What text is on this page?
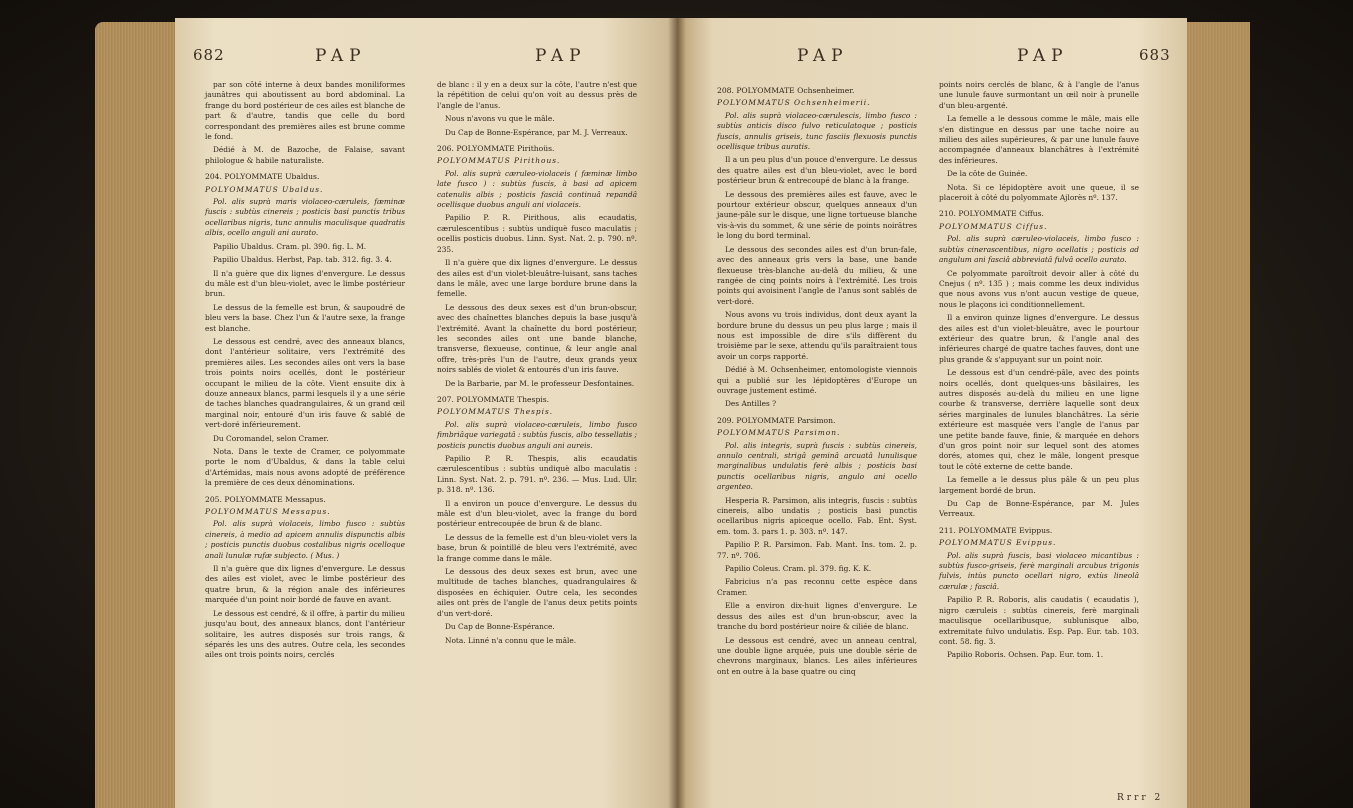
682	PAP	PAP

par son côté interne à deux bandes moniliformes jaunâtres qui aboutissent au bord abdominal. La frange du bord postérieur de ces ailes est blanche de part & d'autre, tandis que celle du bord correspondant des premières ailes est brune comme le fond.

Dédié à M. de Bazoche, de Falaise, savant philologue & habile naturaliste.

204. POLYOMMATE Ubaldus.

POLYOMMATUS Ubaldus.

Pol. alis suprà maris violaceo-cæruleis, fæminæ fuscis : subtùs cinereis ; posticis basi punctis tribus ocellaribus nigris, tunc annulis maculisque quadratis albis, ocello anguli ani aurato.

Papilio Ubaldus. Cram. pl. 390. fig. L. M.

Papilio Ubaldus. Herbst, Pap. tab. 312. fig. 3. 4.

Il n'a guère que dix lignes d'envergure. Le dessus du mâle est d'un bleu-violet, avec le limbe postérieur brun.

Le dessus de la femelle est brun, & saupoudré de bleu vers la base. Chez l'un & l'autre sexe, la frange est blanche.

Le dessous est cendré, avec des anneaux blancs, dont l'antérieur solitaire, vers l'extrémité des premières ailes. Les secondes ailes ont vers la base trois points noirs ocellés, dont le postérieur occupant le milieu de la côte. Vient ensuite dix à douze anneaux blancs, parmi lesquels il y a une série de taches blanches quadrangulaires, & un grand œil marginal noir, entouré d'un iris fauve & sablé de vert-doré inférieurement.

Du Coromandel, selon Cramer.

Nota. Dans le texte de Cramer, ce polyommate porte le nom d'Ubaldus, & dans la table celui d'Artémidas, mais nous avons adopté de préférence la première de ces deux dénominations.

205. POLYOMMATE Messapus.

POLYOMMATUS Messapus.

Pol. alis suprà violaceis, limbo fusco : subtùs cinereis, à medio ad apicem annulis dispunctis albis ; posticis punctis duobus costalibus nigris ocelloque anali lunulæ rufæ subjecto. ( Mus. )

Il n'a guère que dix lignes d'envergure. Le dessus des ailes est violet, avec le limbe postérieur des quatre brun, & la région anale des inférieures marquée d'un point noir bordé de fauve en avant.

Le dessous est cendré, & il offre, à partir du milieu jusqu'au bout, des anneaux blancs, dont l'antérieur solitaire, les autres disposés sur trois rangs, & séparés les uns des autres. Outre cela, les secondes ailes ont trois points noirs, cerclés

de blanc : il y en a deux sur la côte, l'autre n'est que la répétition de celui qu'on voit au dessus près de l'angle de l'anus.

Nous n'avons vu que le mâle.

Du Cap de Bonne-Espérance, par M. J. Verreaux.

206. POLYOMMATE Pirithoüs.

POLYOMMATUS Pirithous.

Pol. alis suprà cæruleo-violaceis ( fæminæ limbo late fusco ) : subtùs fuscis, à basi ad apicem catenulis albis ; posticis fasciâ continuâ repandâ ocellisque duobus anguli ani violaceis.

Papilio P. R. Pirithous, alis ecaudatis, cærulescentibus : subtùs undiquè fusco maculatis ; ocellis posticis duobus. Linn. Syst. Nat. 2. p. 790. nº. 235.

Il n'a guère que dix lignes d'envergure. Le dessus des ailes est d'un violet-bleuâtre-luisant, sans taches dans le mâle, avec une large bordure brune dans la femelle.

Le dessous des deux sexes est d'un brun-obscur, avec des chaînettes blanches depuis la base jusqu'à l'extrémité. Avant la chaînette du bord postérieur, les secondes ailes ont une bande blanche, transverse, flexueuse, continue, & leur angle anal offre, très-près l'un de l'autre, deux grands yeux noirs sablés de violet & entourés d'un iris fauve.

De la Barbarie, par M. le professeur Desfontaines.

207. POLYOMMATE Thespis.

POLYOMMATUS Thespis.

Pol. alis suprà violaceo-cæruleis, limbo fusco fimbriâque variegatâ : subtùs fuscis, albo tessellatis ; posticis punctis duobus anguli ani aureis.

Papilio P. R. Thespis, alis ecaudatis cærulescentibus : subtùs undiquè albo maculatis : Linn. Syst. Nat. 2. p. 791. nº. 236. — Mus. Lud. Ulr. p. 318. nº. 136.

Il a environ un pouce d'envergure. Le dessus du mâle est d'un bleu-violet, avec la frange du bord postérieur entrecoupée de brun & de blanc.

Le dessus de la femelle est d'un bleu-violet vers la base, brun & pointillé de bleu vers l'extrémité, avec la frange comme dans le mâle.

Le dessous des deux sexes est brun, avec une multitude de taches blanches, quadrangulaires & disposées en échiquier. Outre cela, les secondes ailes ont près de l'angle de l'anus deux petits points d'un vert-doré.

Du Cap de Bonne-Espérance.

Nota. Linné n'a connu que le mâle.

PAP	PAP	683

208. POLYOMMATE Ochsenheimer.

POLYOMMATUS Ochsenheimerii.

Pol. alis suprà violaceo-cærulescis, limbo fusco : subtùs anticis disco fulvo reticulatoque ; posticis fuscis, annulis griseis, tunc fasciis flexuosis punctis ocellisque tribus auratis.

Il a un peu plus d'un pouce d'envergure. Le dessus des quatre ailes est d'un bleu-violet, avec le bord postérieur brun & entrecoupé de blanc à la frange.

Le dessous des premières ailes est fauve, avec le pourtour extérieur obscur, quelques anneaux d'un jaune-pâle sur le disque, une ligne tortueuse blanche vis-à-vis du sommet, & une série de points noirâtres le long du bord terminal.

Le dessous des secondes ailes est d'un brun-fale, avec des anneaux gris vers la base, une bande flexueuse très-blanche au-delà du milieu, & une rangée de cinq points noirs à l'extrémité. Les trois points qui avoisinent l'angle de l'anus sont sablés de vert-doré.

Nous avons vu trois individus, dont deux ayant la bordure brune du dessus un peu plus large ; mais il nous est impossible de dire s'ils diffèrent du troisième par le sexe, attendu qu'ils paraîtraient tous avoir un corps rapporté.

Dédié à M. Ochsenheimer, entomologiste viennois qui a publié sur les lépidoptères d'Europe un ouvrage justement estimé.

Des Antilles ?

209. POLYOMMATE Parsimon.

POLYOMMATUS Parsimon.

Pol. alis integris, suprà fuscis : subtùs cinereis, annulo centrali, strigâ geminâ arcuatâ lunulisque marginalibus undulatis ferè albis ; posticis basi punctis ocellaribus nigris, angulo ani ocello argenteo.

Hesperia R. Parsimon, alis integris, fuscis : subtùs cinereis, albo undatis ; posticis basi punctis ocellaribus nigris apiceque ocello. Fab. Ent. Syst. em. tom. 3. pars 1. p. 303. nº. 147.

Papilio P. R. Parsimon. Fab. Mant. Ins. tom. 2. p. 77. nº. 706.

Papilio Coleus. Cram. pl. 379. fig. K. K.

Fabricius n'a pas reconnu cette espèce dans Cramer.

Elle a environ dix-huit lignes d'envergure. Le dessus des ailes est d'un brun-obscur, avec la tranche du bord postérieur noire & ciliée de blanc.

Le dessous est cendré, avec un anneau central, une double ligne arquée, puis une double série de chevrons marginaux, blancs. Les ailes inférieures ont en outre à la base quatre ou cinq

points noirs cerclés de blanc, & à l'angle de l'anus une lunule fauve surmontant un œil noir à prunelle d'un bleu-argenté.

La femelle a le dessous comme le mâle, mais elle s'en distingue en dessus par une tache noire au milieu des ailes supérieures, & par une lunule fauve accompagnée d'anneaux blanchâtres à l'extrémité des inférieures.

De la côte de Guinée.

Nota. Si ce lépidoptère avoit une queue, il se placeroit à côté du polyommate Ajlorès nº. 137.

210. POLYOMMATE Ciffus.

POLYOMMATUS Ciffus.

Pol. alis suprà cæruleo-violaceis, limbo fusco : subtùs cinerascentibus, nigro ocellatis ; posticis ad angulum ani fasciâ abbreviatâ fulvâ ocello aurato.

Ce polyommate paroîtroit devoir aller à côté du Cnejus ( nº. 135 ) ; mais comme les deux individus que nous avons vus n'ont aucun vestige de queue, nous le plaçons ici conditionnellement.

Il a environ quinze lignes d'envergure. Le dessus des ailes est d'un violet-bleuâtre, avec le pourtour extérieur des quatre brun, & l'angle anal des inférieures chargé de quatre taches fauves, dont une plus grande & s'appuyant sur un point noir.

Le dessous est d'un cendré-pâle, avec des points noirs ocellés, dont quelques-uns bâsilaires, les autres disposés au-delà du milieu en une ligne courbe & transverse, derrière laquelle sont deux séries marginales de lunules blanchâtres. La série extérieure est masquée vers l'angle de l'anus par une petite bande fauve, finie, & marquée en dehors d'un gros point noir sur lequel sont des atomes dorés, atomes qui, chez le mâle, longent presque tout le côté externe de cette bande.

La femelle a le dessus plus pâle & un peu plus largement bordé de brun.

Du Cap de Bonne-Espérance, par M. Jules Verreaux.

211. POLYOMMATE Evippus.

POLYOMMATUS Evippus.

Pol. alis suprà fuscis, basi violaceo micantibus : subtùs fusco-griseis, ferè marginali arcubus trigonis fulvis, intùs puncto ocellari nigro, extùs lineolâ cærulæ ; fasciâ.

Papilio P. R. Roboris, alis caudatis ( ecaudatis ), nigro cæruleis : subtùs cinereis, ferè marginali maculisque ocellaribusque, sublunisque albo, extremitate fulvo undulatis. Esp. Pap. Eur. tab. 103. cont. 58. fig. 3.

Papilio Roboris. Ochsen. Pap. Eur. tom. 1.

Rrrr 2
